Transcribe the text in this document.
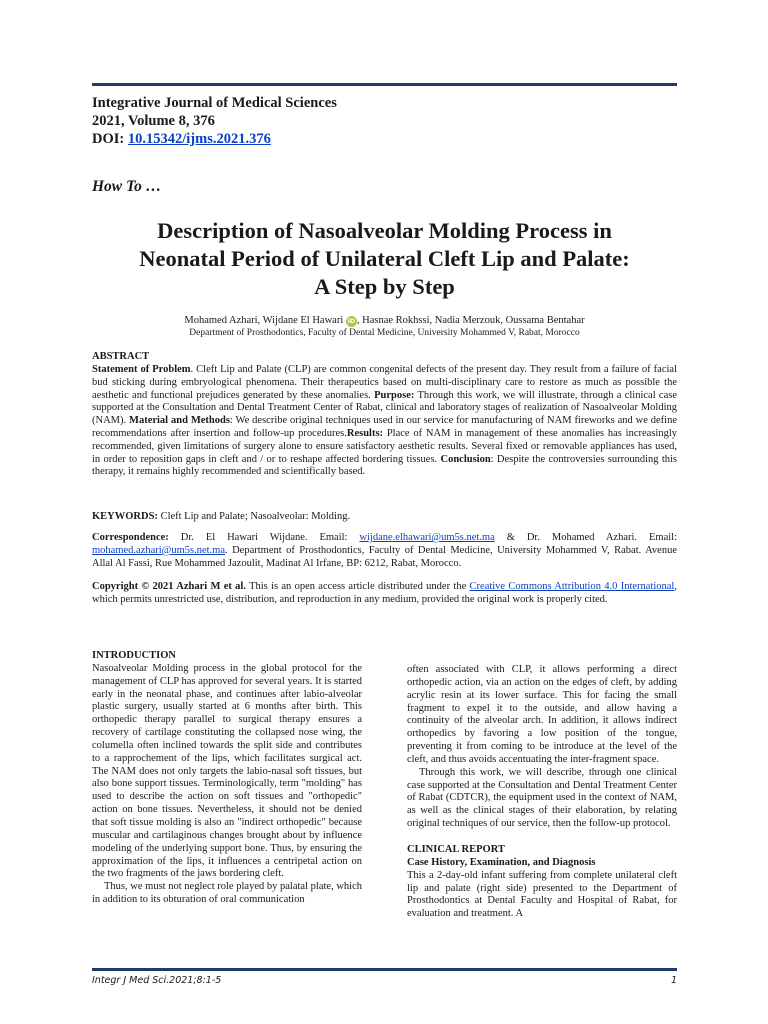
Integrative Journal of Medical Sciences
2021, Volume 8, 376
DOI: 10.15342/ijms.2021.376
How To …
Description of Nasoalveolar Molding Process in
Neonatal Period of Unilateral Cleft Lip and Palate:
A Step by Step
Mohamed Azhari, Wijdane El Hawari iD , Hasnae Rokhssi, Nadia Merzouk, Oussama Bentahar
Department of Prosthodontics, Faculty of Dental Medicine, University Mohammed V, Rabat, Morocco
ABSTRACT
Statement of Problem. Cleft Lip and Palate (CLP) are common congenital defects of the present day. They result from a failure of facial bud sticking during embryological phenomena. Their therapeutics based on multi-disciplinary care to restore as much as possible the aesthetic and functional prejudices generated by these anomalies. Purpose: Through this work, we will illustrate, through a clinical case supported at the Consultation and Dental Treatment Center of Rabat, clinical and laboratory stages of realization of Nasoalveolar Molding (NAM). Material and Methods: We describe original techniques used in our service for manufacturing of NAM fireworks and we define recommendations after insertion and follow-up procedures.Results: Place of NAM in management of these anomalies has increasingly recommended, given limitations of surgery alone to ensure satisfactory aesthetic results. Several fixed or removable appliances has used, in order to reposition gaps in cleft and / or to reshape affected bordering tissues. Conclusion: Despite the controversies surrounding this therapy, it remains highly recommended and scientifically based.
KEYWORDS: Cleft Lip and Palate; Nasoalveolar: Molding.
Correspondence: Dr. El Hawari Wijdane. Email: wijdane.elhawari@um5s.net.ma & Dr. Mohamed Azhari. Email: mohamed.azhari@um5s.net.ma. Department of Prosthodontics, Faculty of Dental Medicine, University Mohammed V, Rabat. Avenue Allal Al Fassi, Rue Mohammed Jazoulit, Madinat Al Irfane, BP: 6212, Rabat, Morocco.
Copyright © 2021 Azhari M et al. This is an open access article distributed under the Creative Commons Attribution 4.0 International, which permits unrestricted use, distribution, and reproduction in any medium, provided the original work is properly cited.

INTRODUCTION

Nasoalveolar Molding process in the global protocol for the management of CLP has approved for several years. It is started early in the neonatal phase, and continues after labio-alveolar plastic surgery, usually started at 6 months after birth. This orthopedic therapy parallel to surgical therapy ensures a recovery of cartilage constituting the collapsed nose wing, the columella often inclined towards the split side and contributes to a rapprochement of the lips, which facilitates surgical act. The NAM does not only targets the labio-nasal soft tissues, but also bone support tissues. Terminologically, term "molding" has used to describe the action on soft tissues and "orthopedic" action on bone tissues. Nevertheless, it should not be denied that soft tissue molding is also an "indirect orthopedic" because muscular and cartilaginous changes brought about by influence modeling of the underlying support bone. Thus, by ensuring the approximation of the lips, it influences a centripetal action on the two fragments of the jaws bordering cleft.

Thus, we must not neglect role played by palatal plate, which in addition to its obturation of oral communication

often associated with CLP, it allows performing a direct orthopedic action, via an action on the edges of cleft, by adding acrylic resin at its lower surface. This for facing the small fragment to expel it to the outside, and allow having a continuity of the alveolar arch. In addition, it allows indirect orthopedics by favoring a low position of the tongue, preventing it from coming to be introduce at the level of the cleft, and thus avoids accentuating the inter-fragment space.

Through this work, we will describe, through one clinical case supported at the Consultation and Dental Treatment Center of Rabat (CDTCR), the equipment used in the context of NAM, as well as the clinical stages of their elaboration, by relating original techniques of our service, then the follow-up protocol.

CLINICAL REPORT

Case History, Examination, and Diagnosis

This a 2-day-old infant suffering from complete unilateral cleft lip and palate (right side) presented to the Department of Prosthodontics at Dental Faculty and Hospital of Rabat, for evaluation and treatment. A

Integr J Med Sci.2021;8:1-5	1
